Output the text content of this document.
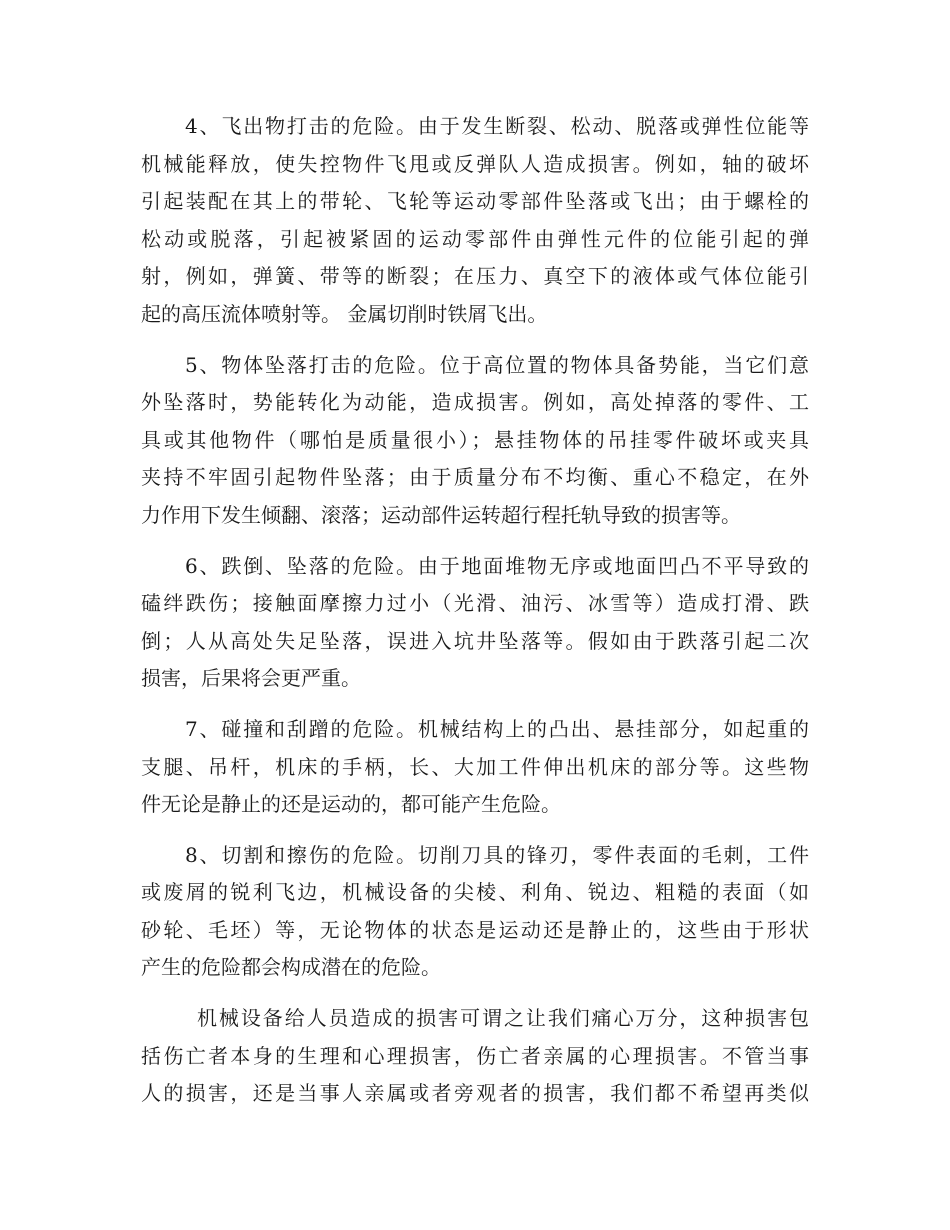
4、飞出物打击的危险。由于发生断裂、松动、脱落或弹性位能等
机械能释放，使失控物件飞甩或反弹队人造成损害。例如，轴的破坏
引起装配在其上的带轮、飞轮等运动零部件坠落或飞出；由于螺栓的
松动或脱落，引起被紧固的运动零部件由弹性元件的位能引起的弹
射，例如，弹簧、带等的断裂；在压力、真空下的液体或气体位能引
起的高压流体喷射等。 金属切削时铁屑飞出。
5、物体坠落打击的危险。位于高位置的物体具备势能，当它们意
外坠落时，势能转化为动能，造成损害。例如，高处掉落的零件、工
具或其他物件（哪怕是质量很小）；悬挂物体的吊挂零件破坏或夹具
夹持不牢固引起物件坠落；由于质量分布不均衡、重心不稳定，在外
力作用下发生倾翻、滚落；运动部件运转超行程托轨导致的损害等。
6、跌倒、坠落的危险。由于地面堆物无序或地面凹凸不平导致的
磕绊跌伤；接触面摩擦力过小（光滑、油污、冰雪等）造成打滑、跌
倒；人从高处失足坠落，误进入坑井坠落等。假如由于跌落引起二次
损害，后果将会更严重。
7、碰撞和刮蹭的危险。机械结构上的凸出、悬挂部分，如起重的
支腿、吊杆，机床的手柄，长、大加工件伸出机床的部分等。这些物
件无论是静止的还是运动的，都可能产生危险。
8、切割和擦伤的危险。切削刀具的锋刃，零件表面的毛刺，工件
或废屑的锐利飞边，机械设备的尖棱、利角、锐边、粗糙的表面（如
砂轮、毛坯）等，无论物体的状态是运动还是静止的，这些由于形状
产生的危险都会构成潜在的危险。
机械设备给人员造成的损害可谓之让我们痛心万分，这种损害包
括伤亡者本身的生理和心理损害，伤亡者亲属的心理损害。不管当事
人的损害，还是当事人亲属或者旁观者的损害，我们都不希望再类似
